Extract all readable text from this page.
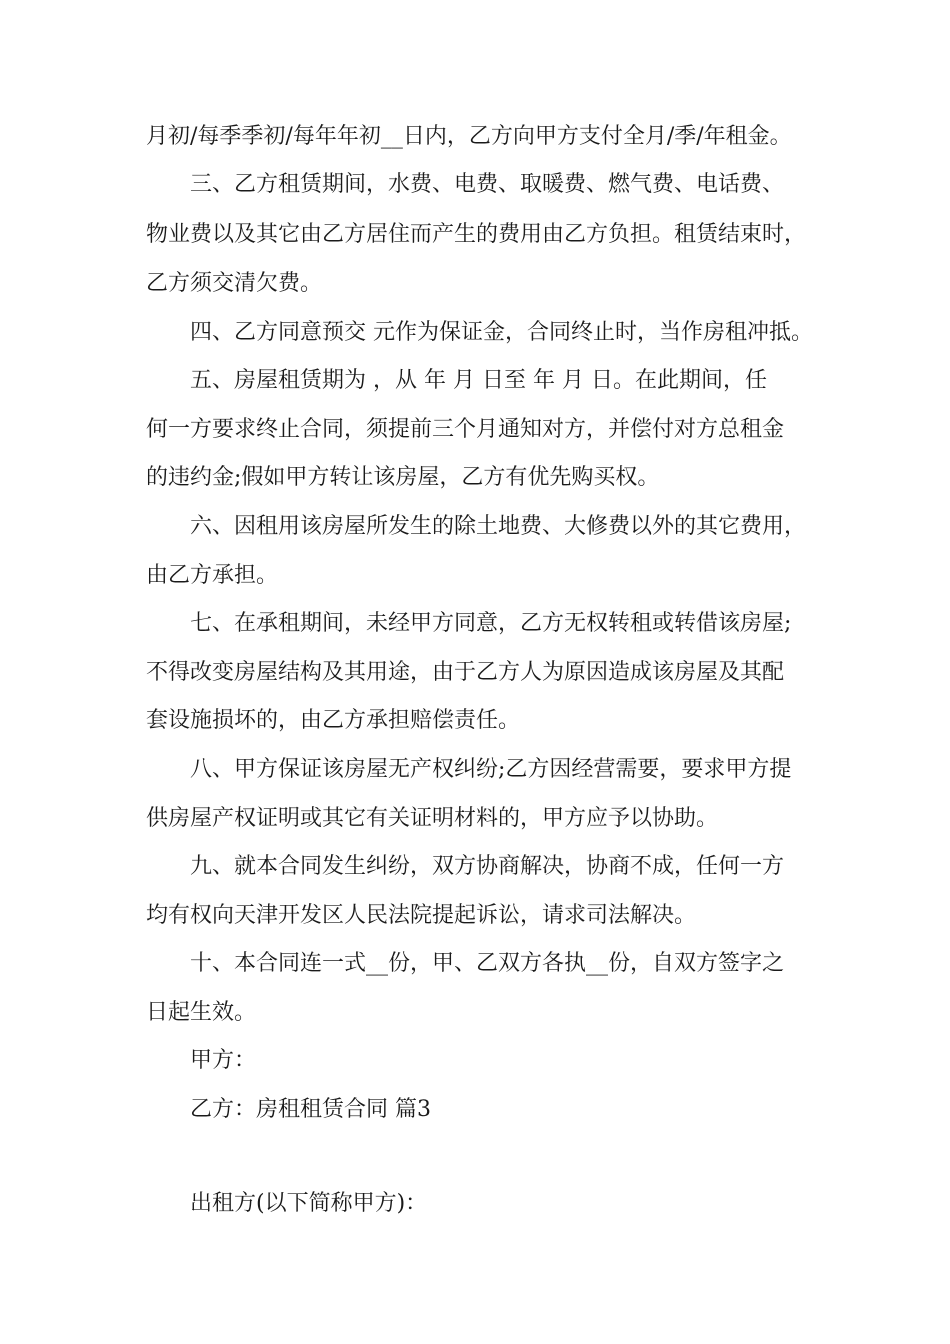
月初/每季季初/每年年初__日内，乙方向甲方支付全月/季/年租金。
三、乙方租赁期间，水费、电费、取暖费、燃气费、电话费、
物业费以及其它由乙方居住而产生的费用由乙方负担。租赁结束时，
乙方须交清欠费。
四、乙方同意预交 元作为保证金，合同终止时，当作房租冲抵。
五、房屋租赁期为 ，从 年 月 日至 年 月 日。在此期间，任
何一方要求终止合同，须提前三个月通知对方，并偿付对方总租金
的违约金;假如甲方转让该房屋，乙方有优先购买权。
六、因租用该房屋所发生的除土地费、大修费以外的其它费用，
由乙方承担。
七、在承租期间，未经甲方同意，乙方无权转租或转借该房屋;
不得改变房屋结构及其用途，由于乙方人为原因造成该房屋及其配
套设施损坏的，由乙方承担赔偿责任。
八、甲方保证该房屋无产权纠纷;乙方因经营需要，要求甲方提
供房屋产权证明或其它有关证明材料的，甲方应予以协助。
九、就本合同发生纠纷，双方协商解决，协商不成，任何一方
均有权向天津开发区人民法院提起诉讼，请求司法解决。
十、本合同连一式__份，甲、乙双方各执__份，自双方签字之
日起生效。
甲方：
乙方：房租租赁合同 篇3
出租方(以下简称甲方)：
